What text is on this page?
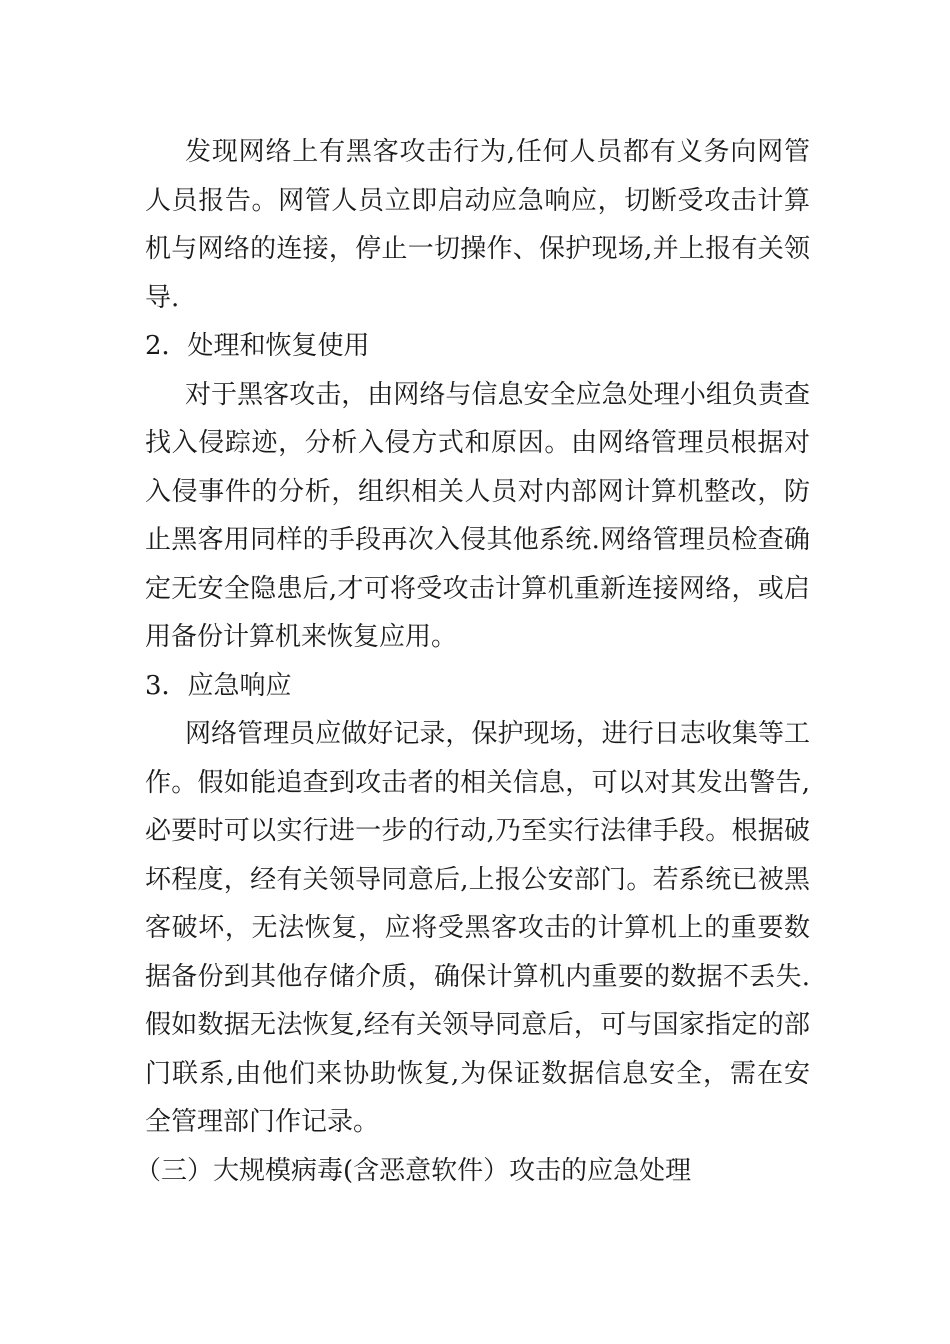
发现网络上有黑客攻击行为,任何人员都有义务向网管
人员报告。网管人员立即启动应急响应，切断受攻击计算
机与网络的连接，停止一切操作、保护现场,并上报有关领
导.

2．处理和恢复使用

对于黑客攻击，由网络与信息安全应急处理小组负责查
找入侵踪迹，分析入侵方式和原因。由网络管理员根据对
入侵事件的分析，组织相关人员对内部网计算机整改，防
止黑客用同样的手段再次入侵其他系统.网络管理员检查确
定无安全隐患后,才可将受攻击计算机重新连接网络，或启
用备份计算机来恢复应用。

3．应急响应

网络管理员应做好记录，保护现场，进行日志收集等工
作。假如能追查到攻击者的相关信息，可以对其发出警告,
必要时可以实行进一步的行动,乃至实行法律手段。根据破
坏程度，经有关领导同意后,上报公安部门。若系统已被黑
客破坏，无法恢复，应将受黑客攻击的计算机上的重要数
据备份到其他存储介质，确保计算机内重要的数据不丢失.
假如数据无法恢复,经有关领导同意后，可与国家指定的部
门联系,由他们来协助恢复,为保证数据信息安全，需在安
全管理部门作记录。

（三）大规模病毒(含恶意软件）攻击的应急处理
